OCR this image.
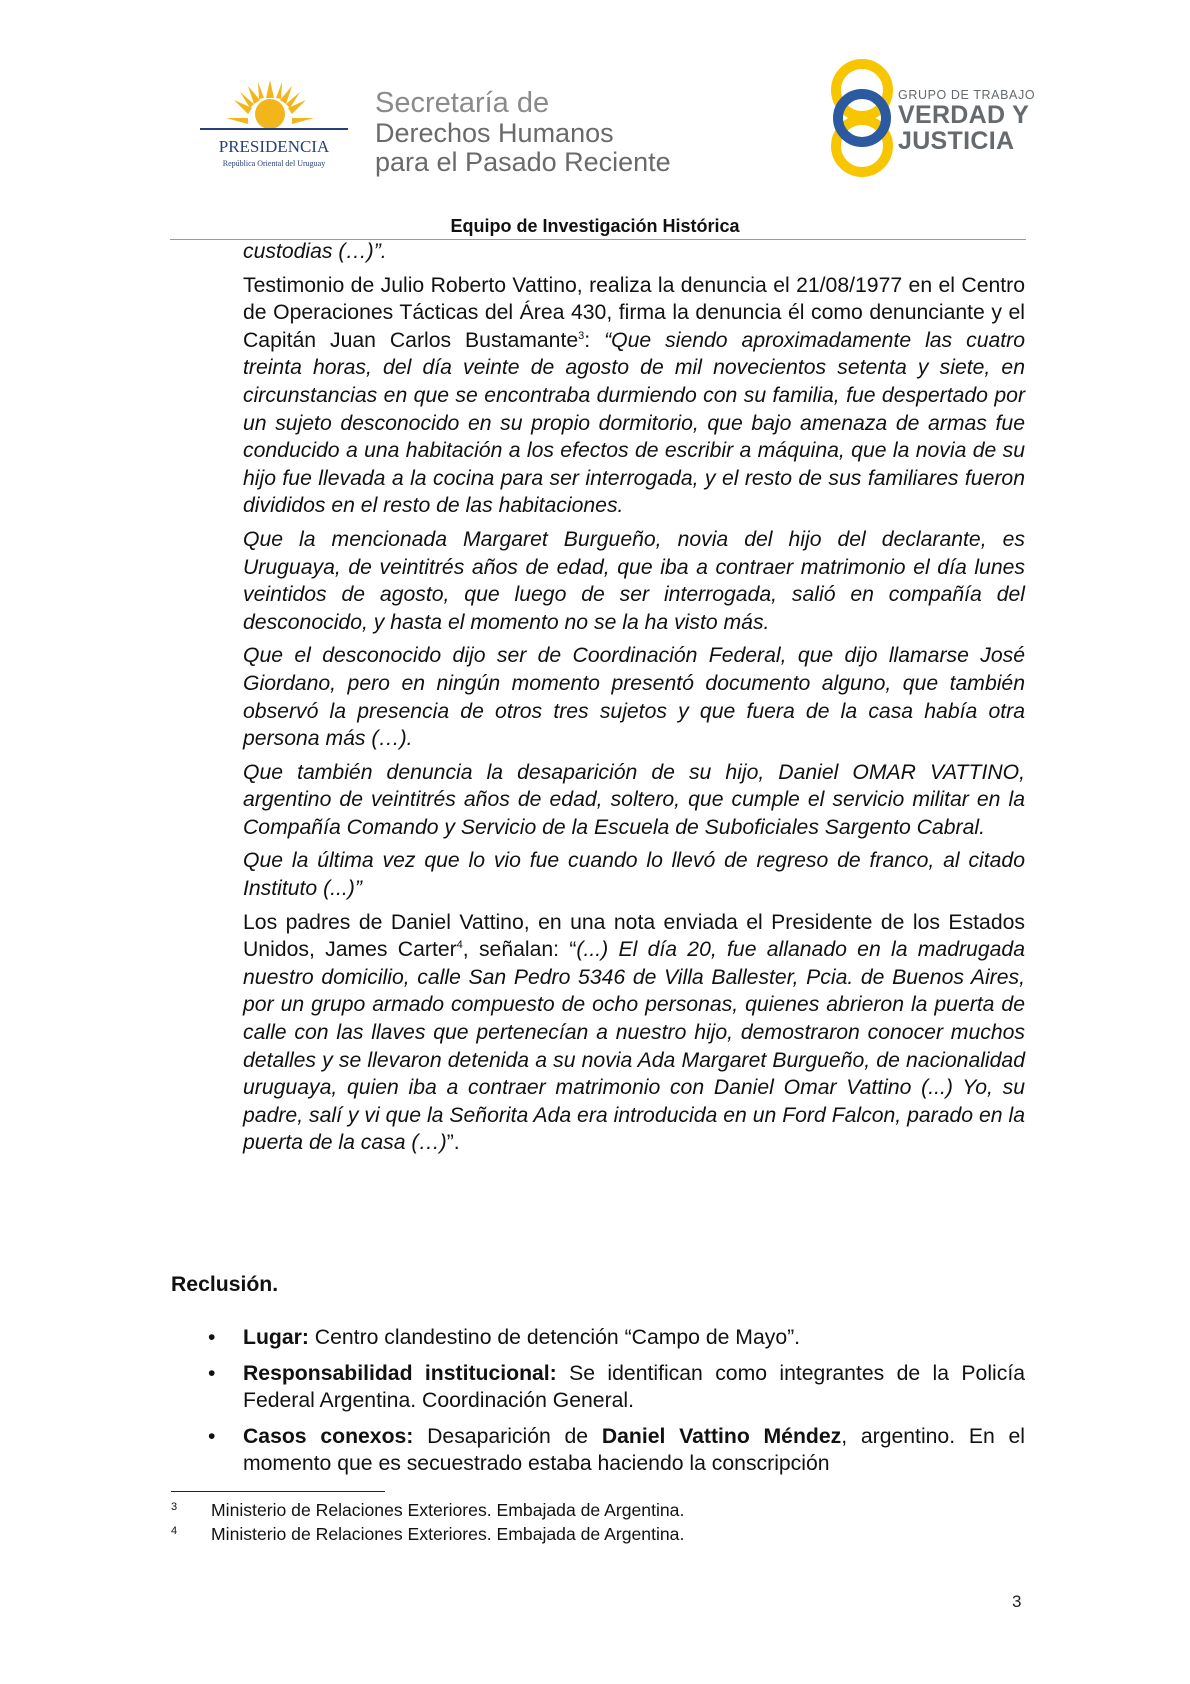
PRESIDENCIA
República Oriental del Uruguay
Secretaría de
Derechos Humanos
para el Pasado Reciente
GRUPO DE TRABAJO
VERDAD Y
JUSTICIA
Equipo de Investigación Histórica

custodias (…)”.

Testimonio de Julio Roberto Vattino, realiza la denuncia el 21/08/1977 en el Centro de Operaciones Tácticas del Área 430, firma la denuncia él como denunciante y el Capitán Juan Carlos Bustamante$^3$: “Que siendo aproximadamente las cuatro treinta horas, del día veinte de agosto de mil novecientos setenta y siete, en circunstancias en que se encontraba durmiendo con su familia, fue despertado por un sujeto desconocido en su propio dormitorio, que bajo amenaza de armas fue conducido a una habitación a los efectos de escribir a máquina, que la novia de su hijo fue llevada a la cocina para ser interrogada, y el resto de sus familiares fueron divididos en el resto de las habitaciones.

Que la mencionada Margaret Burgueño, novia del hijo del declarante, es Uruguaya, de veintitrés años de edad, que iba a contraer matrimonio el día lunes veintidos de agosto, que luego de ser interrogada, salió en compañía del desconocido, y hasta el momento no se la ha visto más.

Que el desconocido dijo ser de Coordinación Federal, que dijo llamarse José Giordano, pero en ningún momento presentó documento alguno, que también observó la presencia de otros tres sujetos y que fuera de la casa había otra persona más (…).

Que también denuncia la desaparición de su hijo, Daniel OMAR VATTINO, argentino de veintitrés años de edad, soltero, que cumple el servicio militar en la Compañía Comando y Servicio de la Escuela de Suboficiales Sargento Cabral.

Que la última vez que lo vio fue cuando lo llevó de regreso de franco, al citado Instituto (...)”

Los padres de Daniel Vattino, en una nota enviada el Presidente de los Estados Unidos, James Carter$^4$, señalan: “(...) El día 20, fue allanado en la madrugada nuestro domicilio, calle San Pedro 5346 de Villa Ballester, Pcia. de Buenos Aires, por un grupo armado compuesto de ocho personas, quienes abrieron la puerta de calle con las llaves que pertenecían a nuestro hijo, demostraron conocer muchos detalles y se llevaron detenida a su novia Ada Margaret Burgueño, de nacionalidad uruguaya, quien iba a contraer matrimonio con Daniel Omar Vattino (...) Yo, su padre, salí y vi que la Señorita Ada era introducida en un Ford Falcon, parado en la puerta de la casa (…)”.

Reclusión.
• Lugar: Centro clandestino de detención “Campo de Mayo”.
• Responsabilidad institucional: Se identifican como integrantes de la Policía Federal Argentina. Coordinación General.
• Casos conexos: Desaparición de Daniel Vattino Méndez, argentino. En el momento que es secuestrado estaba haciendo la conscripción
3 Ministerio de Relaciones Exteriores. Embajada de Argentina.
4 Ministerio de Relaciones Exteriores. Embajada de Argentina.
3
